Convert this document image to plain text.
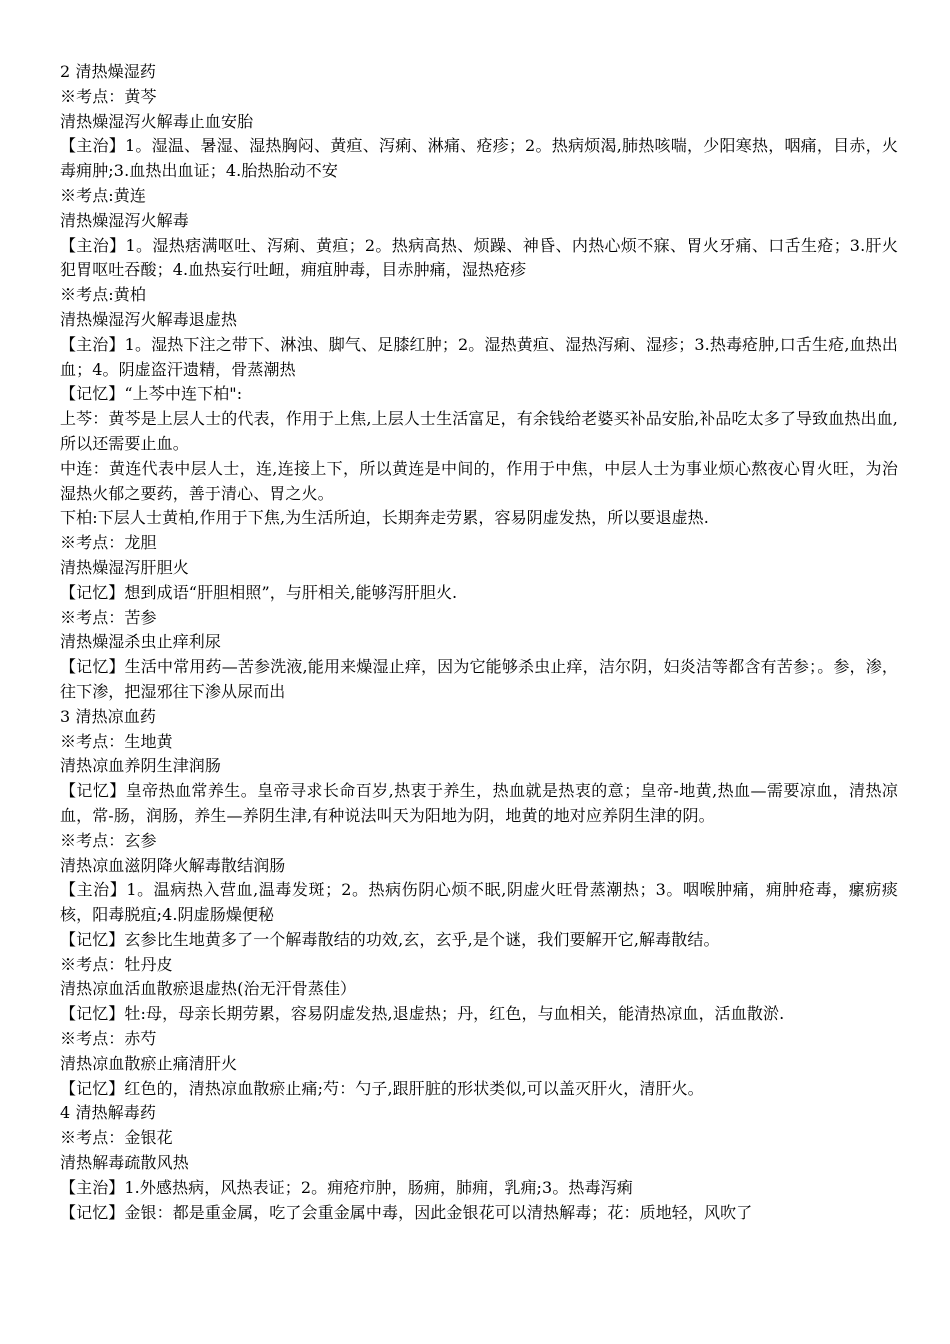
2 清热燥湿药

※考点：黄芩

清热燥湿泻火解毒止血安胎

【主治】1。湿温、暑湿、湿热胸闷、黄疸、泻痢、淋痛、疮疹；2。热病烦渴,肺热咳喘，少阳寒热，咽痛，目赤，火毒痈肿;3.血热出血证；4.胎热胎动不安

※考点:黄连

清热燥湿泻火解毒

【主治】1。湿热痞满呕吐、泻痢、黄疸；2。热病高热、烦躁、神昏、内热心烦不寐、胃火牙痛、口舌生疮；3.肝火犯胃呕吐吞酸；4.血热妄行吐衄，痈疽肿毒，目赤肿痛，湿热疮疹

※考点:黄柏

清热燥湿泻火解毒退虚热

【主治】1。湿热下注之带下、淋浊、脚气、足膝红肿；2。湿热黄疸、湿热泻痢、湿疹；3.热毒疮肿,口舌生疮,血热出血；4。阴虚盗汗遗精，骨蒸潮热

【记忆】“上芩中连下柏":

上芩：黄芩是上层人士的代表，作用于上焦,上层人士生活富足，有余钱给老婆买补品安胎,补品吃太多了导致血热出血,所以还需要止血。

中连：黄连代表中层人士，连,连接上下，所以黄连是中间的，作用于中焦，中层人士为事业烦心熬夜心胃火旺，为治湿热火郁之要药，善于清心、胃之火。

下柏:下层人士黄柏,作用于下焦,为生活所迫，长期奔走劳累，容易阴虚发热，所以要退虚热.

※考点：龙胆

清热燥湿泻肝胆火

【记忆】想到成语“肝胆相照”，与肝相关,能够泻肝胆火.

※考点：苦参

清热燥湿杀虫止痒利尿

【记忆】生活中常用药—苦参洗液,能用来燥湿止痒，因为它能够杀虫止痒，洁尔阴，妇炎洁等都含有苦参；。参，渗，往下渗，把湿邪往下渗从尿而出

3 清热凉血药

※考点：生地黄

清热凉血养阴生津润肠

【记忆】皇帝热血常养生。皇帝寻求长命百岁,热衷于养生，热血就是热衷的意；皇帝-地黄,热血—需要凉血，清热凉血，常-肠，润肠，养生—养阴生津,有种说法叫天为阳地为阴，地黄的地对应养阴生津的阴。

※考点：玄参

清热凉血滋阴降火解毒散结润肠

【主治】1。温病热入营血,温毒发斑；2。热病伤阴心烦不眠,阴虚火旺骨蒸潮热；3。咽喉肿痛，痈肿疮毒，瘰疬痰核，阳毒脱疽;4.阴虚肠燥便秘

【记忆】玄参比生地黄多了一个解毒散结的功效,玄，玄乎,是个谜，我们要解开它,解毒散结。

※考点：牡丹皮

清热凉血活血散瘀退虚热(治无汗骨蒸佳）

【记忆】牡:母，母亲长期劳累，容易阴虚发热,退虚热；丹，红色，与血相关，能清热凉血，活血散淤.

※考点：赤芍

清热凉血散瘀止痛清肝火

【记忆】红色的，清热凉血散瘀止痛;芍：勺子,跟肝脏的形状类似,可以盖灭肝火，清肝火。

4 清热解毒药

※考点：金银花

清热解毒疏散风热

【主治】1.外感热病，风热表证；2。痈疮疖肿，肠痈，肺痈，乳痈;3。热毒泻痢

【记忆】金银：都是重金属，吃了会重金属中毒，因此金银花可以清热解毒；花：质地轻，风吹了
